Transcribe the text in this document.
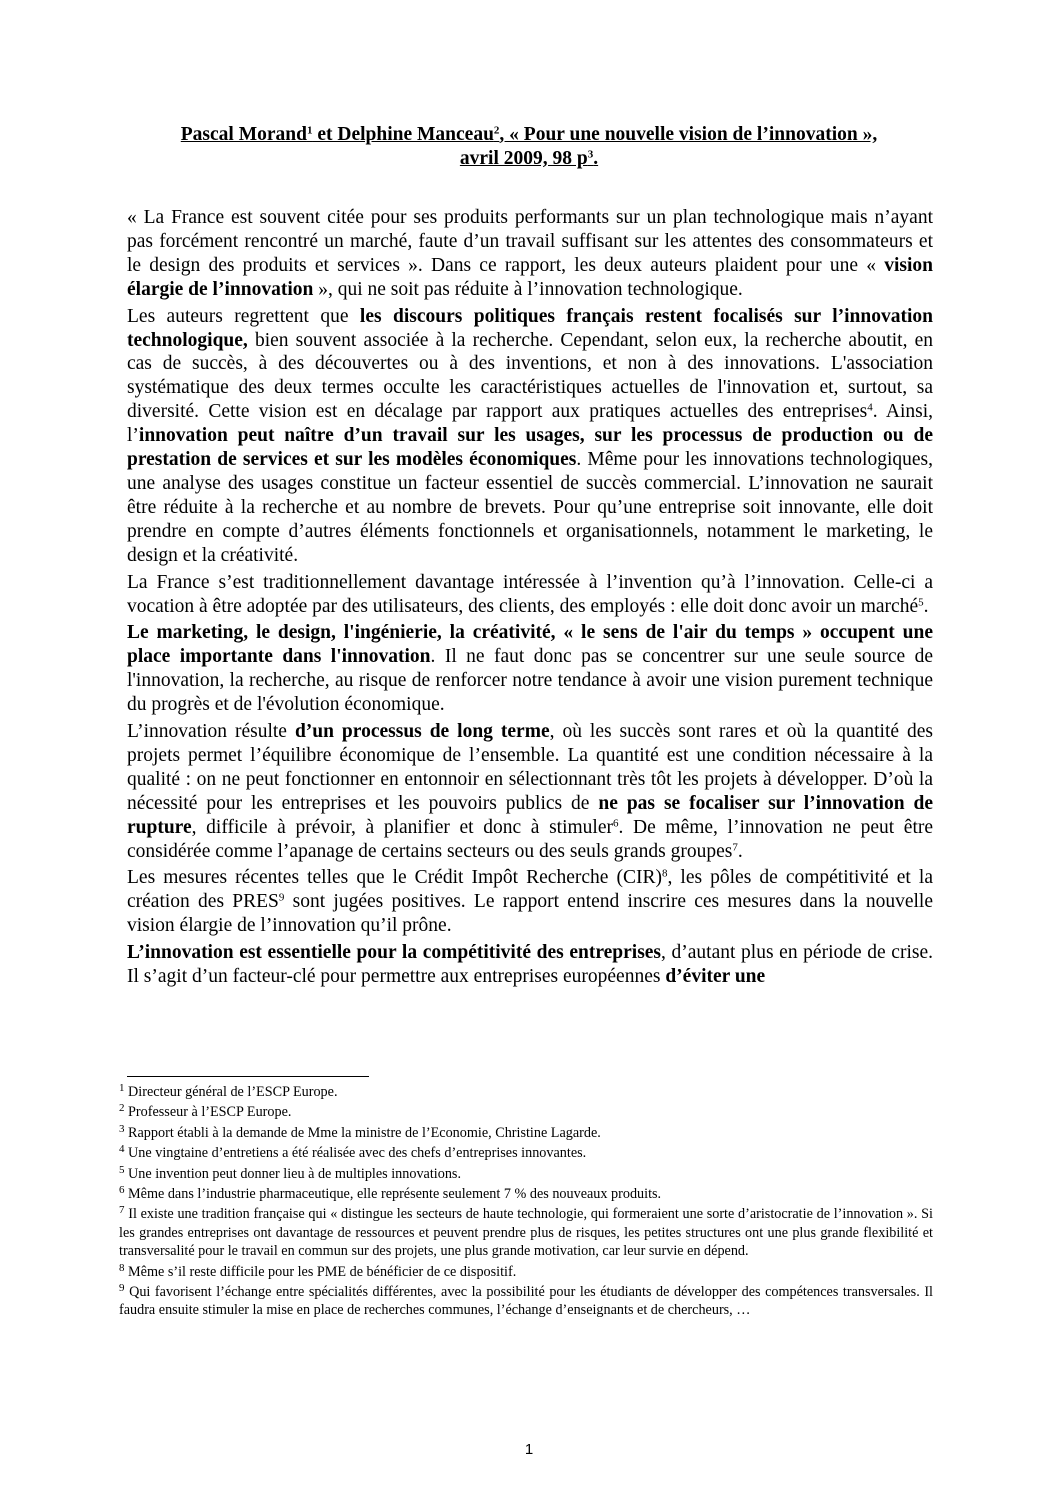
Pascal Morand$^1$ et Delphine Manceau$^2$, « Pour une nouvelle vision de l’innovation »,
avril 2009, 98 $p^3$.

« La France est souvent citée pour ses produits performants sur un plan technologique mais n’ayant pas forcément rencontré un marché, faute d’un travail suffisant sur les attentes des consommateurs et le design des produits et services ». Dans ce rapport, les deux auteurs plaident pour une « vision élargie de l’innovation », qui ne soit pas réduite à l’innovation technologique.

Les auteurs regrettent que les discours politiques français restent focalisés sur l’innovation technologique, bien souvent associée à la recherche. Cependant, selon eux, la recherche aboutit, en cas de succès, à des découvertes ou à des inventions, et non à des innovations. L'association systématique des deux termes occulte les caractéristiques actuelles de l'innovation et, surtout, sa diversité. Cette vision est en décalage par rapport aux pratiques actuelles des entreprises$^4$. Ainsi, l’innovation peut naître d’un travail sur les usages, sur les processus de production ou de prestation de services et sur les modèles économiques. Même pour les innovations technologiques, une analyse des usages constitue un facteur essentiel de succès commercial. L’innovation ne saurait être réduite à la recherche et au nombre de brevets. Pour qu’une entreprise soit innovante, elle doit prendre en compte d’autres éléments fonctionnels et organisationnels, notamment le marketing, le design et la créativité.

La France s’est traditionnellement davantage intéressée à l’invention qu’à l’innovation. Celle-ci a vocation à être adoptée par des utilisateurs, des clients, des employés : elle doit donc avoir un marché$^5$.

Le marketing, le design, l'ingénierie, la créativité, « le sens de l'air du temps » occupent une place importante dans l'innovation. Il ne faut donc pas se concentrer sur une seule source de l'innovation, la recherche, au risque de renforcer notre tendance à avoir une vision purement technique du progrès et de l'évolution économique.

L’innovation résulte d’un processus de long terme, où les succès sont rares et où la quantité des projets permet l’équilibre économique de l’ensemble. La quantité est une condition nécessaire à la qualité : on ne peut fonctionner en entonnoir en sélectionnant très tôt les projets à développer. D’où la nécessité pour les entreprises et les pouvoirs publics de ne pas se focaliser sur l’innovation de rupture, difficile à prévoir, à planifier et donc à stimuler$^6$. De même, l’innovation ne peut être considérée comme l’apanage de certains secteurs ou des seuls grands groupes$^7$.

Les mesures récentes telles que le Crédit Impôt Recherche (CIR)$^8$, les pôles de compétitivité et la création des PRES$^9$ sont jugées positives. Le rapport entend inscrire ces mesures dans la nouvelle vision élargie de l’innovation qu’il prône.

L’innovation est essentielle pour la compétitivité des entreprises, d’autant plus en période de crise. Il s’agit d’un facteur-clé pour permettre aux entreprises européennes d’éviter une

$^1$ Directeur général de l’ESCP Europe.

$^2$ Professeur à l’ESCP Europe.

$^3$ Rapport établi à la demande de Mme la ministre de l’Economie, Christine Lagarde.

$^4$ Une vingtaine d’entretiens a été réalisée avec des chefs d’entreprises innovantes.

$^5$ Une invention peut donner lieu à de multiples innovations.

$^6$ Même dans l’industrie pharmaceutique, elle représente seulement 7 % des nouveaux produits.

$^7$ Il existe une tradition française qui « distingue les secteurs de haute technologie, qui formeraient une sorte d’aristocratie de l’innovation ». Si les grandes entreprises ont davantage de ressources et peuvent prendre plus de risques, les petites structures ont une plus grande flexibilité et transversalité pour le travail en commun sur des projets, une plus grande motivation, car leur survie en dépend.

$^8$ Même s’il reste difficile pour les PME de bénéficier de ce dispositif.

$^9$ Qui favorisent l’échange entre spécialités différentes, avec la possibilité pour les étudiants de développer des compétences transversales. Il faudra ensuite stimuler la mise en place de recherches communes, l’échange d’enseignants et de chercheurs, …

1
